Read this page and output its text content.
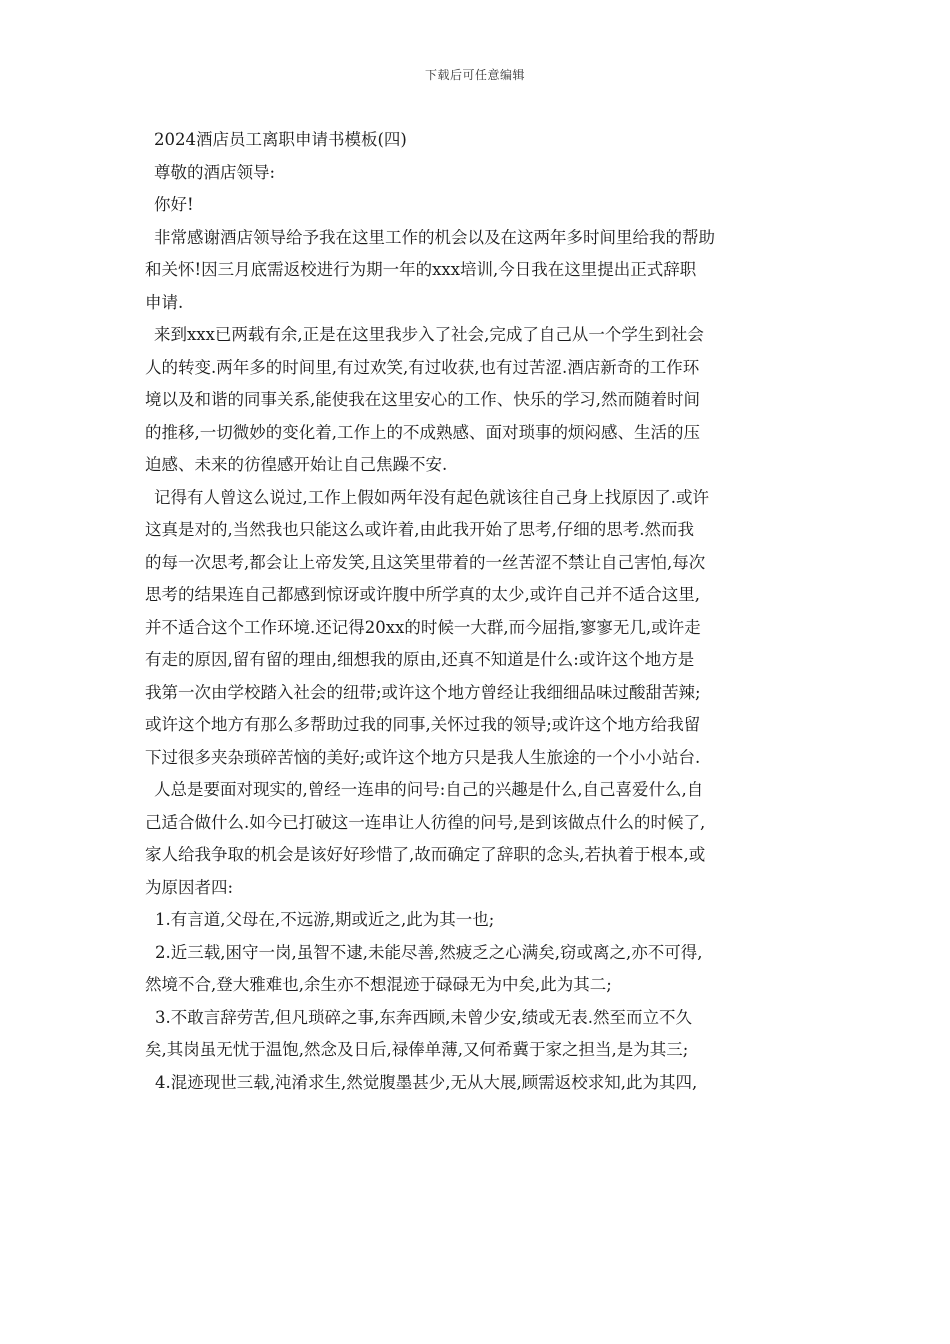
下载后可任意编辑
2024酒店员工离职申请书模板(四)
尊敬的酒店领导:
你好!
非常感谢酒店领导给予我在这里工作的机会以及在这两年多时间里给我的帮助
和关怀!因三月底需返校进行为期一年的xxx培训,今日我在这里提出正式辞职
申请.
来到xxx已两载有余,正是在这里我步入了社会,完成了自己从一个学生到社会
人的转变.两年多的时间里,有过欢笑,有过收获,也有过苦涩.酒店新奇的工作环
境以及和谐的同事关系,能使我在这里安心的工作、快乐的学习,然而随着时间
的推移,一切微妙的变化着,工作上的不成熟感、面对琐事的烦闷感、生活的压
迫感、未来的彷徨感开始让自己焦躁不安.
记得有人曾这么说过,工作上假如两年没有起色就该往自己身上找原因了.或许
这真是对的,当然我也只能这么或许着,由此我开始了思考,仔细的思考.然而我
的每一次思考,都会让上帝发笑,且这笑里带着的一丝苦涩不禁让自己害怕,每次
思考的结果连自己都感到惊讶或许腹中所学真的太少,或许自己并不适合这里,
并不适合这个工作环境.还记得20xx的时候一大群,而今屈指,寥寥无几,或许走
有走的原因,留有留的理由,细想我的原由,还真不知道是什么:或许这个地方是
我第一次由学校踏入社会的纽带;或许这个地方曾经让我细细品味过酸甜苦辣;
或许这个地方有那么多帮助过我的同事,关怀过我的领导;或许这个地方给我留
下过很多夹杂琐碎苦恼的美好;或许这个地方只是我人生旅途的一个小小站台.
人总是要面对现实的,曾经一连串的问号:自己的兴趣是什么,自己喜爱什么,自
己适合做什么.如今已打破这一连串让人彷徨的问号,是到该做点什么的时候了,
家人给我争取的机会是该好好珍惜了,故而确定了辞职的念头,若执着于根本,或
为原因者四:
1.有言道,父母在,不远游,期或近之,此为其一也;
2.近三载,困守一岗,虽智不逮,未能尽善,然疲乏之心满矣,窃或离之,亦不可得,
然境不合,登大雅难也,余生亦不想混迹于碌碌无为中矣,此为其二;
3.不敢言辞劳苦,但凡琐碎之事,东奔西顾,未曾少安,绩或无表.然至而立不久
矣,其岗虽无忧于温饱,然念及日后,禄俸单薄,又何希冀于家之担当,是为其三;
4.混迹现世三载,沌淆求生,然觉腹墨甚少,无从大展,顾需返校求知,此为其四,
